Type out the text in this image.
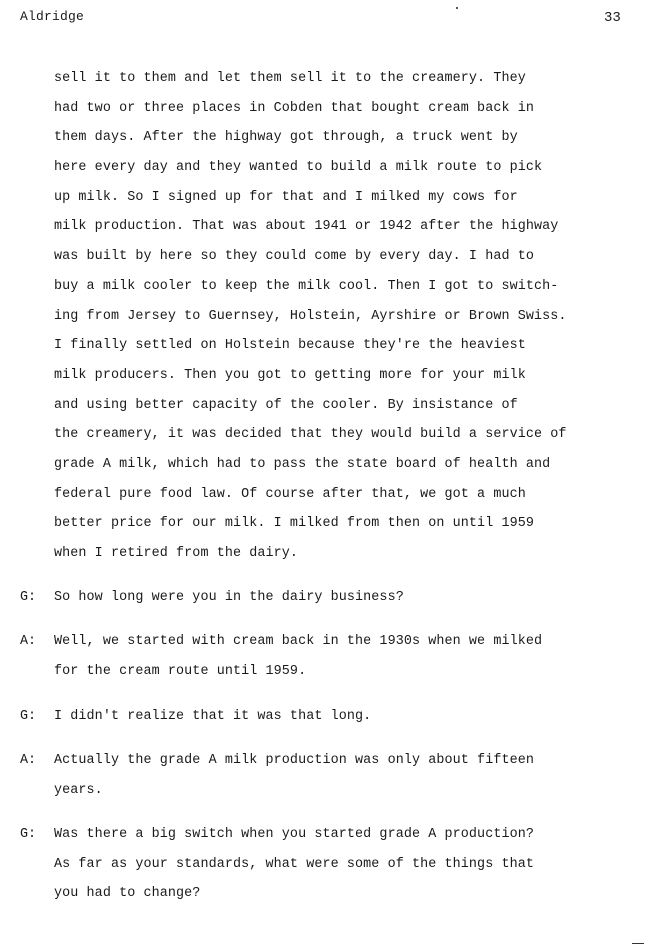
Aldridge	33
sell it to them and let them sell it to the creamery. They
had two or three places in Cobden that bought cream back in
them days. After the highway got through, a truck went by
here every day and they wanted to build a milk route to pick
up milk. So I signed up for that and I milked my cows for
milk production. That was about 1941 or 1942 after the highway
was built by here so they could come by every day. I had to
buy a milk cooler to keep the milk cool. Then I got to switch-
ing from Jersey to Guernsey, Holstein, Ayrshire or Brown Swiss.
I finally settled on Holstein because they're the heaviest
milk producers. Then you got to getting more for your milk
and using better capacity of the cooler. By insistance of
the creamery, it was decided that they would build a service of
grade A milk, which had to pass the state board of health and
federal pure food law. Of course after that, we got a much
better price for our milk. I milked from then on until 1959
when I retired from the dairy.
G: So how long were you in the dairy business?
A: Well, we started with cream back in the 1930s when we milked
for the cream route until 1959.
G: I didn't realize that it was that long.
A: Actually the grade A milk production was only about fifteen
years.
G: Was there a big switch when you started grade A production?
As far as your standards, what were some of the things that
you had to change?
